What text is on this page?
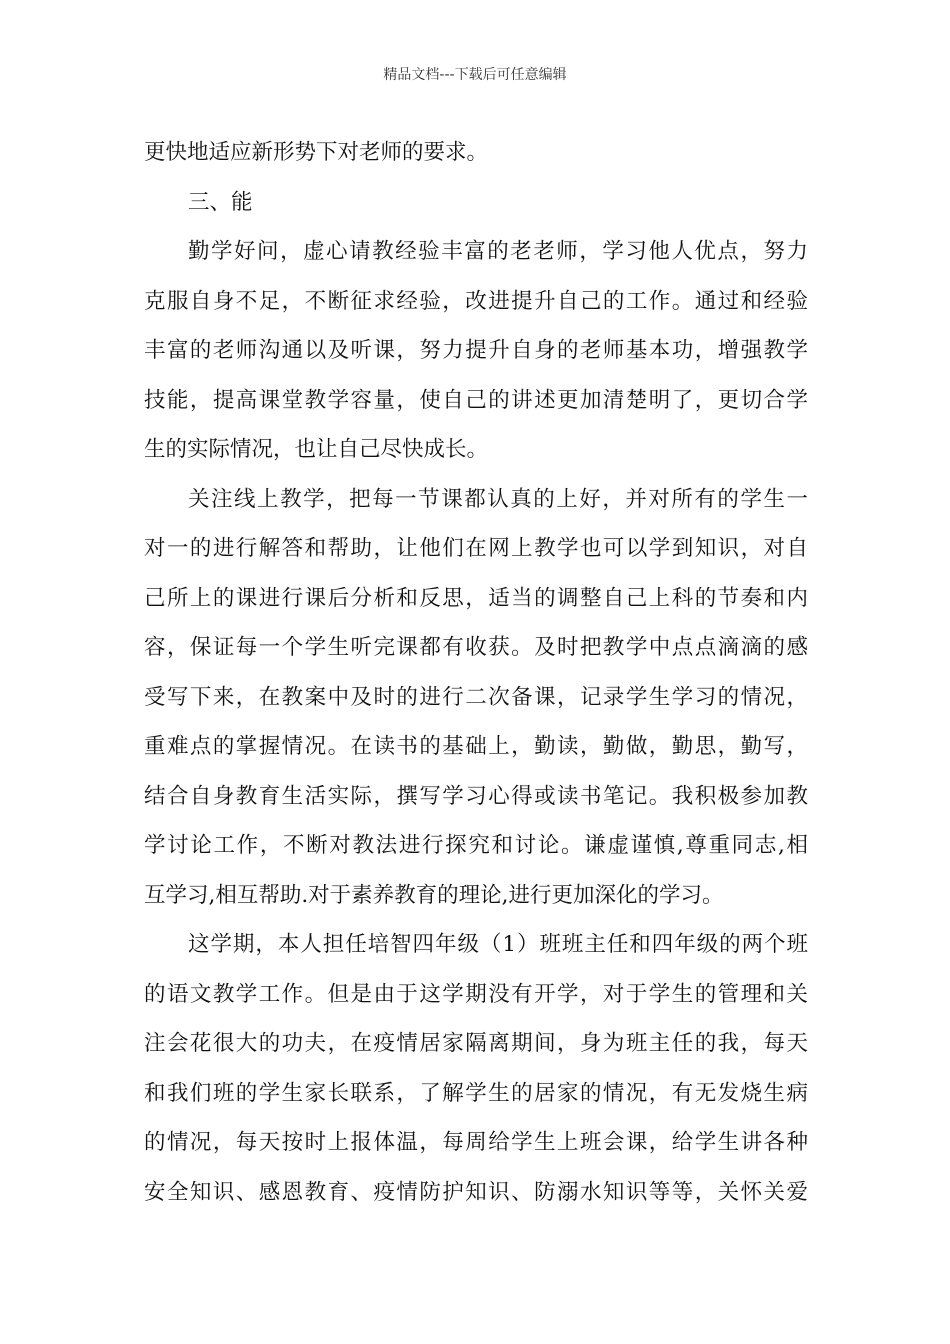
精品文档---下载后可任意编辑
更快地适应新形势下对老师的要求。
三、能
勤学好问，虚心请教经验丰富的老老师，学习他人优点，努力
克服自身不足，不断征求经验，改进提升自己的工作。通过和经验
丰富的老师沟通以及听课，努力提升自身的老师基本功，增强教学
技能，提高课堂教学容量，使自己的讲述更加清楚明了，更切合学
生的实际情况，也让自己尽快成长。
关注线上教学，把每一节课都认真的上好，并对所有的学生一
对一的进行解答和帮助，让他们在网上教学也可以学到知识，对自
己所上的课进行课后分析和反思，适当的调整自己上科的节奏和内
容，保证每一个学生听完课都有收获。及时把教学中点点滴滴的感
受写下来，在教案中及时的进行二次备课，记录学生学习的情况，
重难点的掌握情况。在读书的基础上，勤读，勤做，勤思，勤写，
结合自身教育生活实际，撰写学习心得或读书笔记。我积极参加教
学讨论工作，不断对教法进行探究和讨论。谦虚谨慎,尊重同志,相
互学习,相互帮助.对于素养教育的理论,进行更加深化的学习。
这学期，本人担任培智四年级（1）班班主任和四年级的两个班
的语文教学工作。但是由于这学期没有开学，对于学生的管理和关
注会花很大的功夫，在疫情居家隔离期间，身为班主任的我，每天
和我们班的学生家长联系，了解学生的居家的情况，有无发烧生病
的情况，每天按时上报体温，每周给学生上班会课，给学生讲各种
安全知识、感恩教育、疫情防护知识、防溺水知识等等，关怀关爱
